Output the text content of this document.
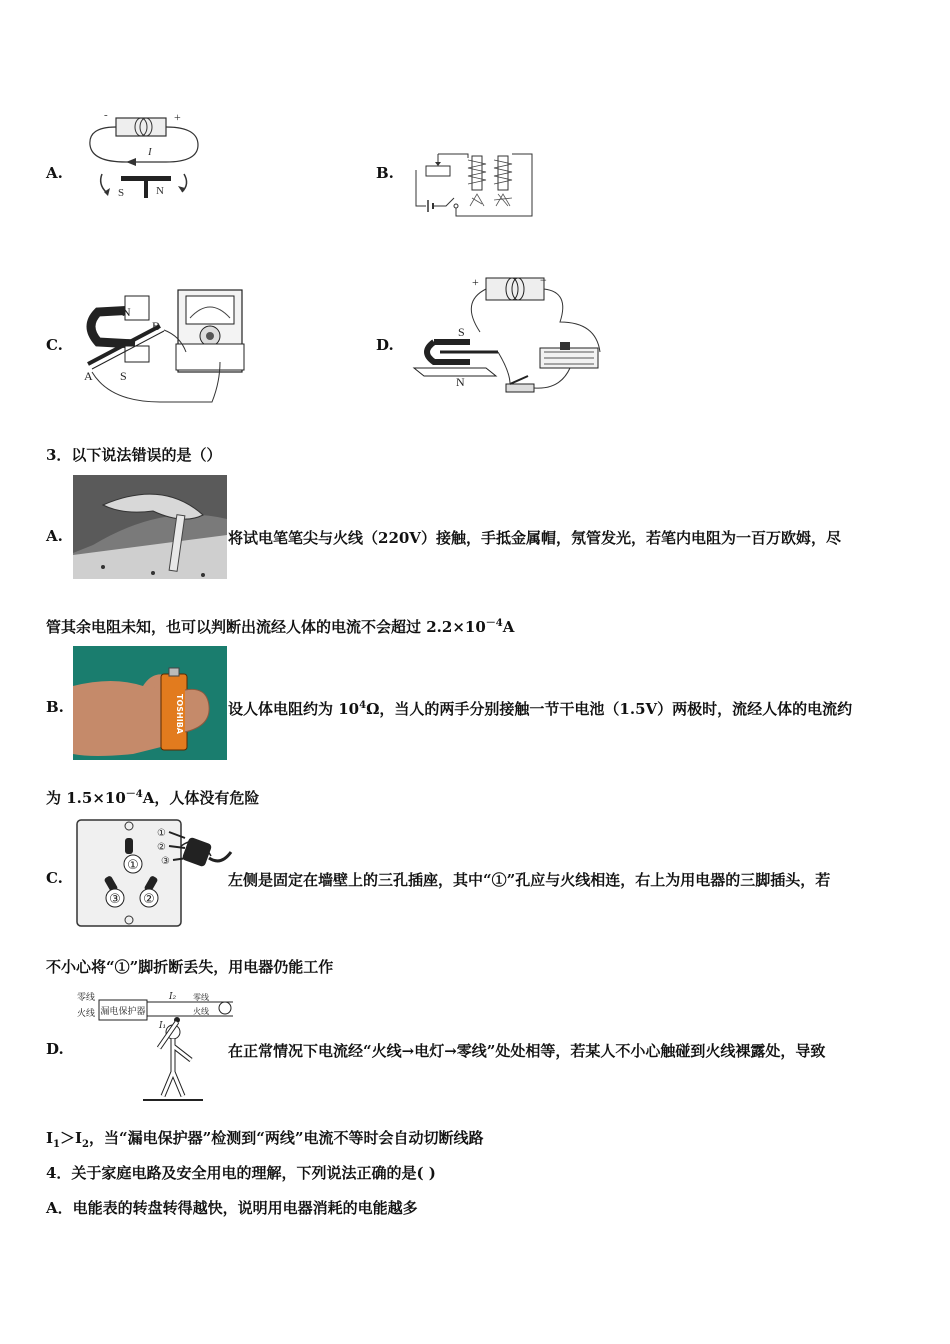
A.
-	+
I
S	N
B.
C.
N
B
A S
D.
+	−
S
N
3．以下说法错误的是（）
A.	将试电笔笔尖与火线（220V）接触，手抵金属帽，氖管发光，若笔内电阻为一百万欧姆，尽
管其余电阻未知，也可以判断出流经人体的电流不会超过 $2.2\times 10^{-4}A$
B.	TOSHIBA	设人体电阻约为 $10^4\Omega$，当人的两手分别接触一节干电池（1.5V）两极时，流经人体的电流约
为 $1.5\times 10^{-4}A$，人体没有危险
C.
①
③ ②
①
②
③
左侧是固定在墙壁上的三孔插座，其中“①”孔应与火线相连，右上为用电器的三脚插头，若
不小心将“①”脚折断丢失，用电器仍能工作
D.
零线
火线 漏电保护器
I₂
I₁
零线
火线
在正常情况下电流经“火线→电灯→零线”处处相等，若某人不小心触碰到火线裸露处，导致
$I_1>I_2$，当“漏电保护器”检测到“两线”电流不等时会自动切断线路
4．关于家庭电路及安全用电的理解，下列说法正确的是( )
A．电能表的转盘转得越快，说明用电器消耗的电能越多
